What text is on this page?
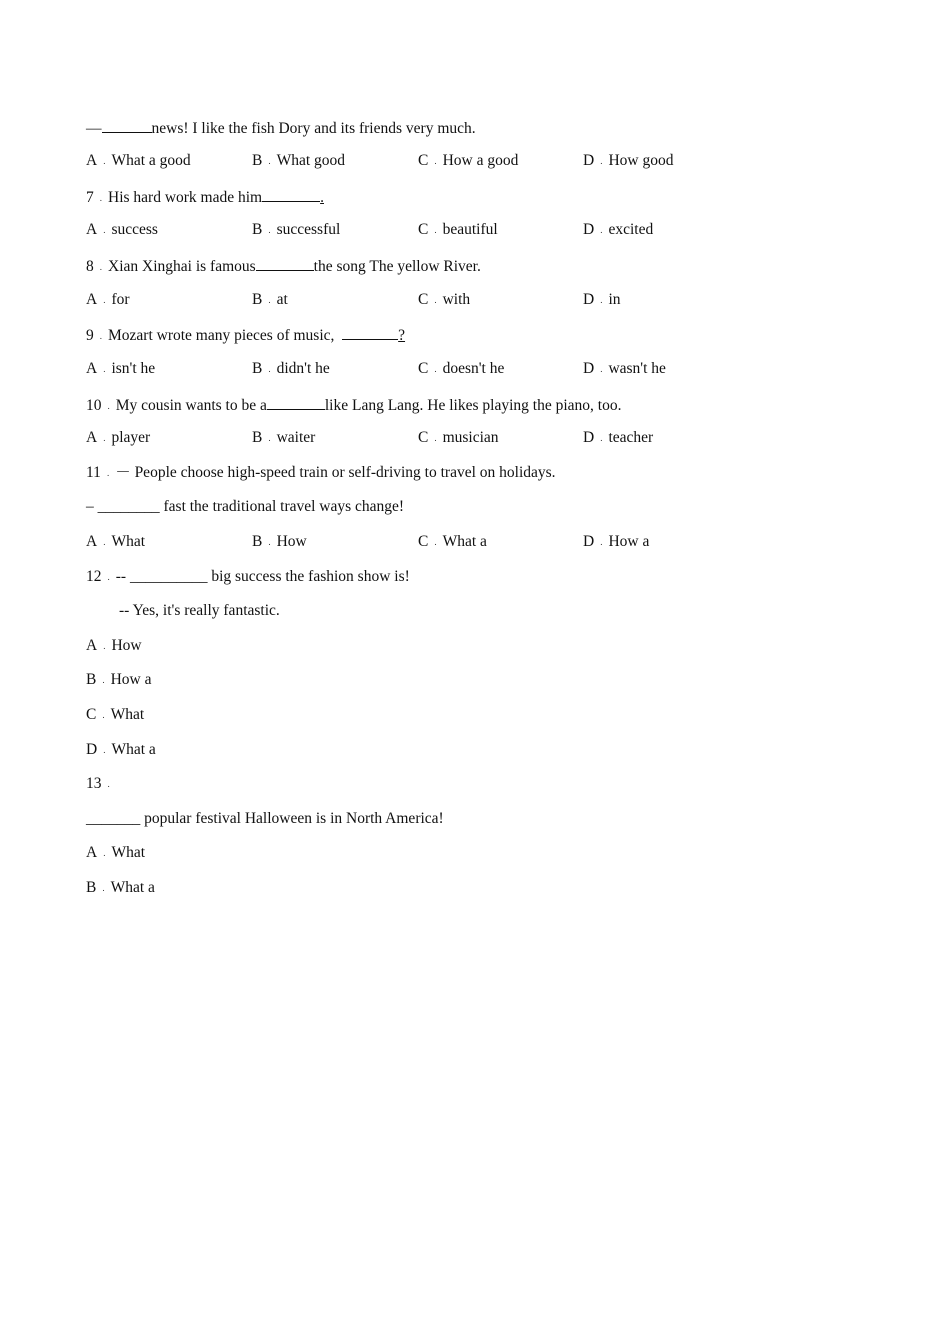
—	news! I like the fish Dory and its friends very much.
A . What a good	B . What good	C . How a good	D . How good
7 . His hard work made him	.
A . success	B . successful	C . beautiful	D . excited
8 . Xian Xinghai is famous	the song The yellow River.
A . for	B . at	C . with	D . in
9 . Mozart wrote many pieces of music,	?
A . isn't he	B . didn't he	C . doesn't he	D . wasn't he
10 . My cousin wants to be a	like Lang Lang. He likes playing the piano, too.
A . player	B . waiter	C . musician	D . teacher
11 . － People choose high-speed train or self-driving to travel on holidays.
– ________ fast the traditional travel ways change!
A . What	B . How	C . What a	D . How a
12 . -- __________ big success the fashion show is!
-- Yes, it's really fantastic.
A . How
B . How a
C . What
D . What a
13 .
_______ popular festival Halloween is in North America!
A . What
B . What a
